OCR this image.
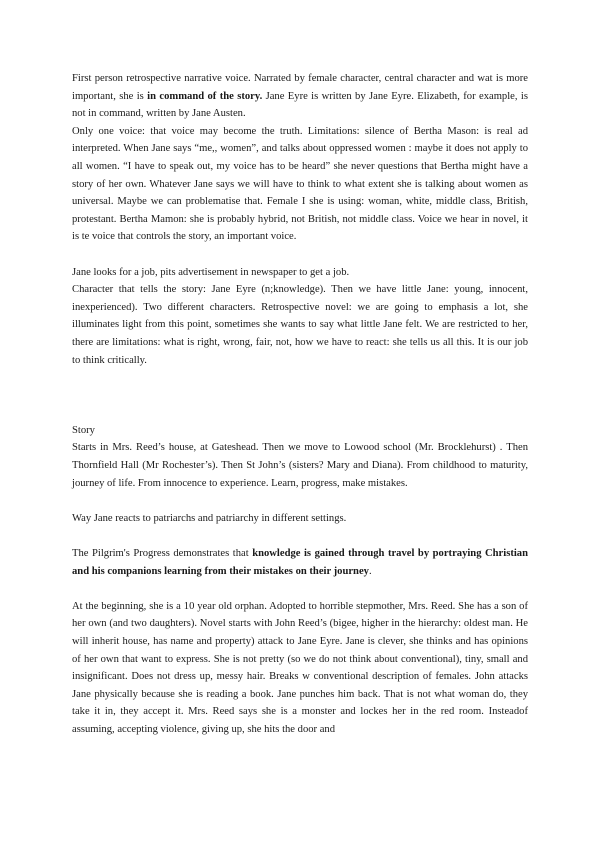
First person retrospective narrative voice. Narrated by female character, central character and wat is more important, she is in command of the story. Jane Eyre is written by Jane Eyre. Elizabeth, for example, is not in command, written by Jane Austen.

Only one voice: that voice may become the truth. Limitations: silence of Bertha Mason: is real ad interpreted. When Jane says “me,, women”, and talks about oppressed women : maybe it does not apply to all women. “I have to speak out, my voice has to be heard” she never questions that Bertha might have a story of her own. Whatever Jane says we will have to think to what extent she is talking about women as universal. Maybe we can problematise that. Female I she is using: woman, white, middle class, British, protestant. Bertha Mamon: she is probably hybrid, not British, not middle class. Voice we hear in novel, it is te voice that controls the story, an important voice.

Jane looks for a job, pits advertisement in newspaper to get a job.

Character that tells the story: Jane Eyre (n;knowledge). Then we have little Jane: young, innocent, inexperienced). Two different characters. Retrospective novel: we are going to emphasis a lot, she illuminates light from this point, sometimes she wants to say what little Jane felt. We are restricted to her, there are limitations: what is right, wrong, fair, not, how we have to react: she tells us all this. It is our job to think critically.

Story

Starts in Mrs. Reed’s house, at Gateshead. Then we move to Lowood school (Mr. Brocklehurst) . Then Thornfield Hall (Mr Rochester’s). Then St John’s (sisters? Mary and Diana). From childhood to maturity, journey of life. From innocence to experience. Learn, progress, make mistakes.

Way Jane reacts to patriarchs and patriarchy in different settings.

The Pilgrim's Progress demonstrates that knowledge is gained through travel by portraying Christian and his companions learning from their mistakes on their journey.

At the beginning, she is a 10 year old orphan. Adopted to horrible stepmother, Mrs. Reed. She has a son of her own (and two daughters). Novel starts with John Reed’s (bigee, higher in the hierarchy: oldest man. He will inherit house, has name and property) attack to Jane Eyre. Jane is clever, she thinks and has opinions of her own that want to express. She is not pretty (so we do not think about conventional), tiny, small and insignificant. Does not dress up, messy hair. Breaks w conventional description of females. John attacks Jane physically because she is reading a book. Jane punches him back. That is not what woman do, they take it in, they accept it. Mrs. Reed says she is a monster and lockes her in the red room. Insteadof assuming, accepting violence, giving up, she hits the door and
